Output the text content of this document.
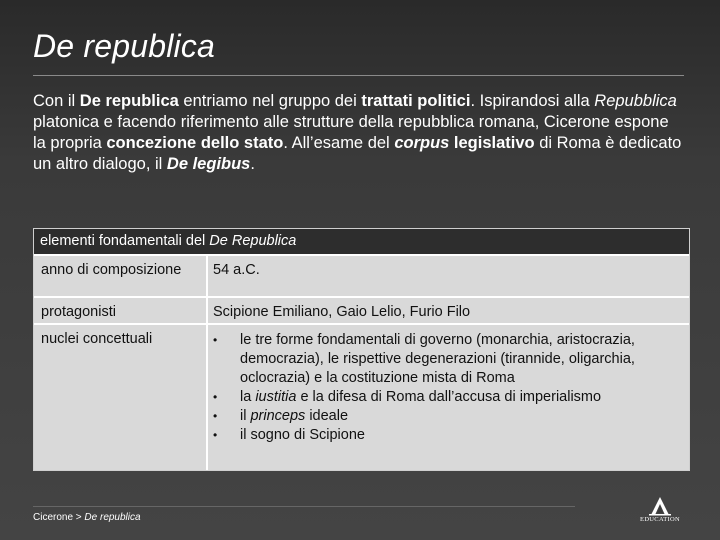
De republica
Con il De republica entriamo nel gruppo dei trattati politici. Ispirandosi alla Repubblica platonica e facendo riferimento alle strutture della repubblica romana, Cicerone espone la propria concezione dello stato. All’esame del corpus legislativo di Roma è dedicato un altro dialogo, il De legibus.
elementi fondamentali del De Republica
anno di composizione	54 a.C.
protagonisti	Scipione Emiliano, Gaio Lelio, Furio Filo
nuclei concettuali
•	le tre forme fondamentali di governo (monarchia, aristocrazia, democrazia), le rispettive degenerazioni (tirannide, oligarchia, oclocrazia) e la costituzione mista di Roma
• la iustitia e la difesa di Roma dall’accusa di imperialismo
• il princeps ideale
• il sogno di Scipione
Cicerone > De republica	EDUCATION
